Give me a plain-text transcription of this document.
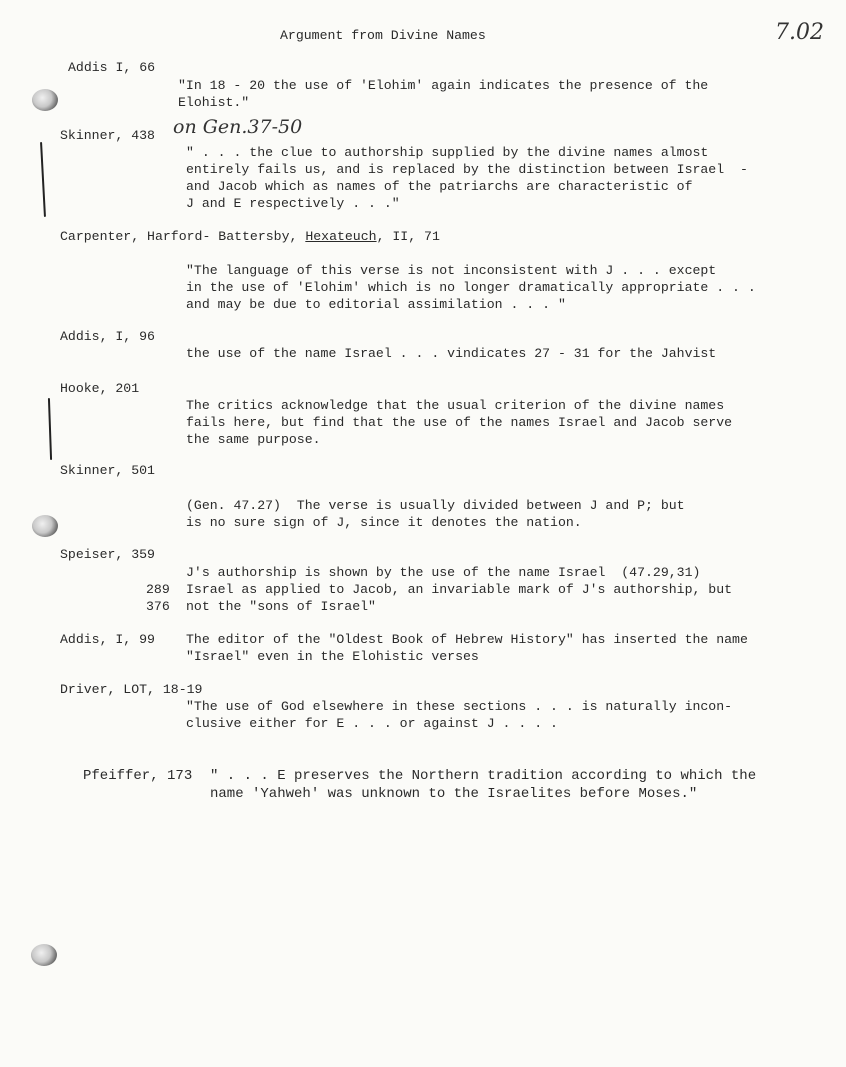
Argument from Divine Names	7.02
Addis I, 66
"In 18 - 20 the use of 'Elohim' again indicates the presence of the
Elohist."
Skinner, 438 on Gen.37-50
" . . . the clue to authorship supplied by the divine names almost
entirely fails us, and is replaced by the distinction between Israel  -
and Jacob which as names of the patriarchs are characteristic of
J and E respectively . . ."
Carpenter, Harford- Battersby, Hexateuch, II, 71
"The language of this verse is not inconsistent with J . . . except
in the use of 'Elohim' which is no longer dramatically appropriate . . .
and may be due to editorial assimilation . . . "
Addis, I, 96
the use of the name Israel . . . vindicates 27 - 31 for the Jahvist
Hooke, 201
The critics acknowledge that the usual criterion of the divine names
fails here, but find that the use of the names Israel and Jacob serve
the same purpose.
Skinner, 501
(Gen. 47.27)  The verse is usually divided between J and P; but
is no sure sign of J, since it denotes the nation.
Speiser, 359
289
376
J's authorship is shown by the use of the name Israel  (47.29,31)
Israel as applied to Jacob, an invariable mark of J's authorship, but
not the "sons of Israel"
Addis, I, 99 The editor of the "Oldest Book of Hebrew History" has inserted the name
"Israel" even in the Elohistic verses
Driver, LOT, 18-19
"The use of God elsewhere in these sections . . . is naturally incon-
clusive either for E . . . or against J . . . .
Pfeiffer, 173 " . . . E preserves the Northern tradition according to which the
name 'Yahweh' was unknown to the Israelites before Moses."
